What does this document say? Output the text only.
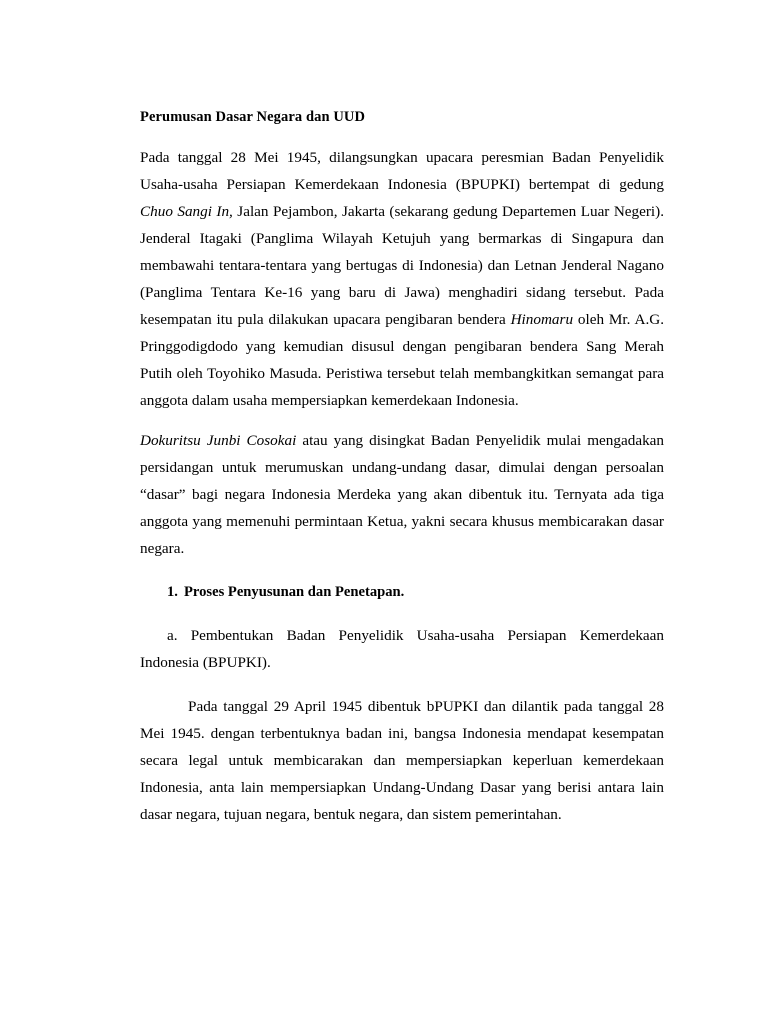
Perumusan Dasar Negara dan UUD

Pada tanggal 28 Mei 1945, dilangsungkan upacara peresmian Badan Penyelidik Usaha-usaha Persiapan Kemerdekaan Indonesia (BPUPKI) bertempat di gedung Chuo Sangi In, Jalan Pejambon, Jakarta (sekarang gedung Departemen Luar Negeri). Jenderal Itagaki (Panglima Wilayah Ketujuh yang bermarkas di Singapura dan membawahi tentara-tentara yang bertugas di Indonesia) dan Letnan Jenderal Nagano (Panglima Tentara Ke-16 yang baru di Jawa) menghadiri sidang tersebut. Pada kesempatan itu pula dilakukan upacara pengibaran bendera Hinomaru oleh Mr. A.G. Pringgodigdodo yang kemudian disusul dengan pengibaran bendera Sang Merah Putih oleh Toyohiko Masuda. Peristiwa tersebut telah membangkitkan semangat para anggota dalam usaha mempersiapkan kemerdekaan Indonesia.

Dokuritsu Junbi Cosokai atau yang disingkat Badan Penyelidik mulai mengadakan persidangan untuk merumuskan undang-undang dasar, dimulai dengan persoalan “dasar” bagi negara Indonesia Merdeka yang akan dibentuk itu. Ternyata ada tiga anggota yang memenuhi permintaan Ketua, yakni secara khusus membicarakan dasar negara.

1. Proses Penyusunan dan Penetapan.

a. Pembentukan Badan Penyelidik Usaha-usaha Persiapan Kemerdekaan Indonesia (BPUPKI).

Pada tanggal 29 April 1945 dibentuk bPUPKI dan dilantik pada tanggal 28 Mei 1945. dengan terbentuknya badan ini, bangsa Indonesia mendapat kesempatan secara legal untuk membicarakan dan mempersiapkan keperluan kemerdekaan Indonesia, anta lain mempersiapkan Undang-Undang Dasar yang berisi antara lain dasar negara, tujuan negara, bentuk negara, dan sistem pemerintahan.
